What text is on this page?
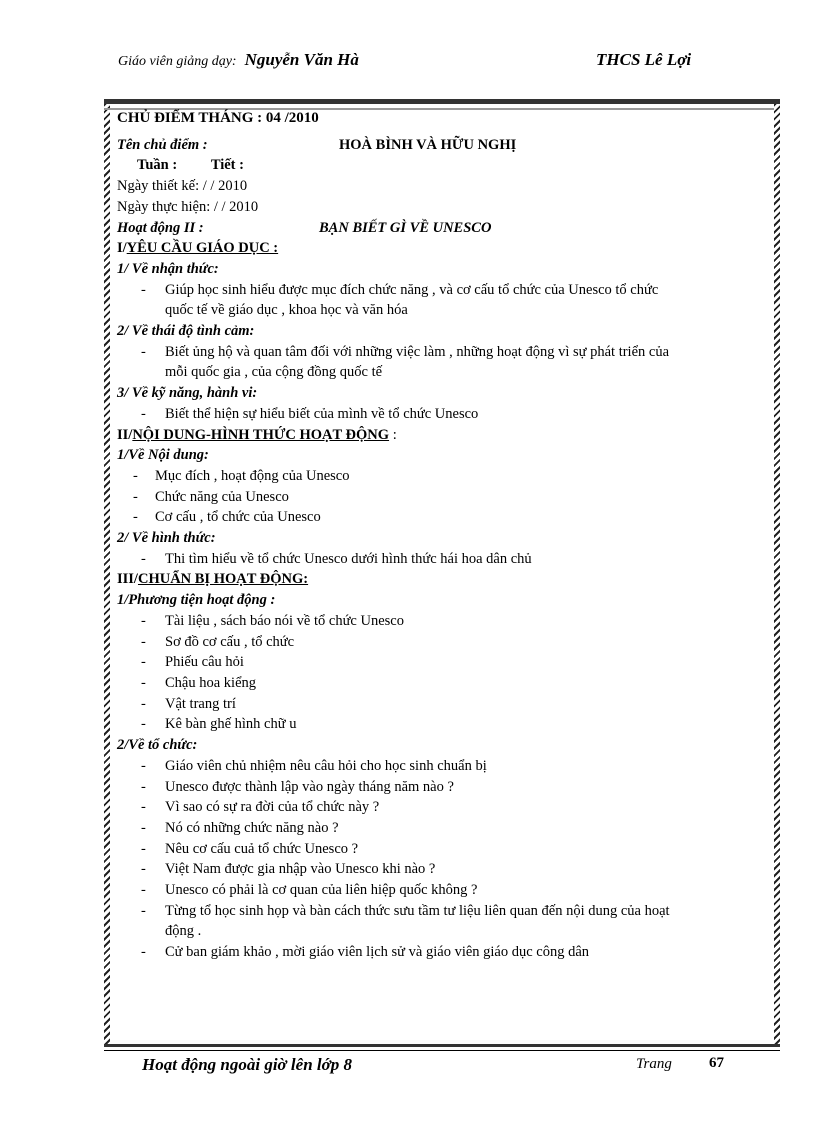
Giáo viên giảng dạy: Nguyễn Văn Hà	THCS Lê Lợi
CHỦ ĐIỂM THÁNG : 04 /2010
Tên chủ điểm :	HOÀ BÌNH VÀ HỮU NGHỊ
Tuần : Tiết :
Ngày thiết kế: / / 2010
Ngày thực hiện: / / 2010
Hoạt động II :	BẠN BIẾT GÌ VỀ UNESCO
I/YÊU CẦU GIÁO DỤC :
1/ Về nhận thức:
- Giúp học sinh hiểu được mục đích chức năng , và cơ cấu tổ chức của Unesco tổ chức
quốc tế về giáo dục , khoa học và văn hóa
2/ Về thái độ tình cảm:
- Biết ủng hộ và quan tâm đối với những việc làm , những hoạt động vì sự phát triển của
mỗi quốc gia , của cộng đồng quốc tế
3/ Về kỹ năng, hành vi:
- Biết thể hiện sự hiểu biết của mình về tổ chức Unesco
II/NỘI DUNG-HÌNH THỨC HOẠT ĐỘNG :
1/Về Nội dung:
- Mục đích , hoạt động của Unesco
- Chức năng của Unesco
- Cơ cấu , tổ chức của Unesco
2/ Về hình thức:
- Thi tìm hiểu về tổ chức Unesco dưới hình thức hái hoa dân chủ
III/CHUẨN BỊ HOẠT ĐỘNG:
1/Phương tiện hoạt động :
- Tài liệu , sách báo nói về tổ chức Unesco
- Sơ đồ cơ cấu , tổ chức
- Phiếu câu hỏi
- Chậu hoa kiểng
- Vật trang trí
- Kê bàn ghế hình chữ u
2/Về tổ chức:
- Giáo viên chủ nhiệm nêu câu hỏi cho học sinh chuẩn bị
- Unesco được thành lập vào ngày tháng năm nào ?
- Vì sao có sự ra đời của tổ chức này ?
- Nó có những chức năng nào ?
- Nêu cơ cấu cuả tổ chức Unesco ?
- Việt Nam được gia nhập vào Unesco khi nào ?
- Unesco có phải là cơ quan của liên hiệp quốc không ?
- Từng tổ học sinh họp và bàn cách thức sưu tầm tư liệu liên quan đến nội dung của hoạt
động .
- Cử ban giám khảo , mời giáo viên lịch sử và giáo viên giáo dục công dân
Hoạt động ngoài giờ lên lớp 8	Trang 67
